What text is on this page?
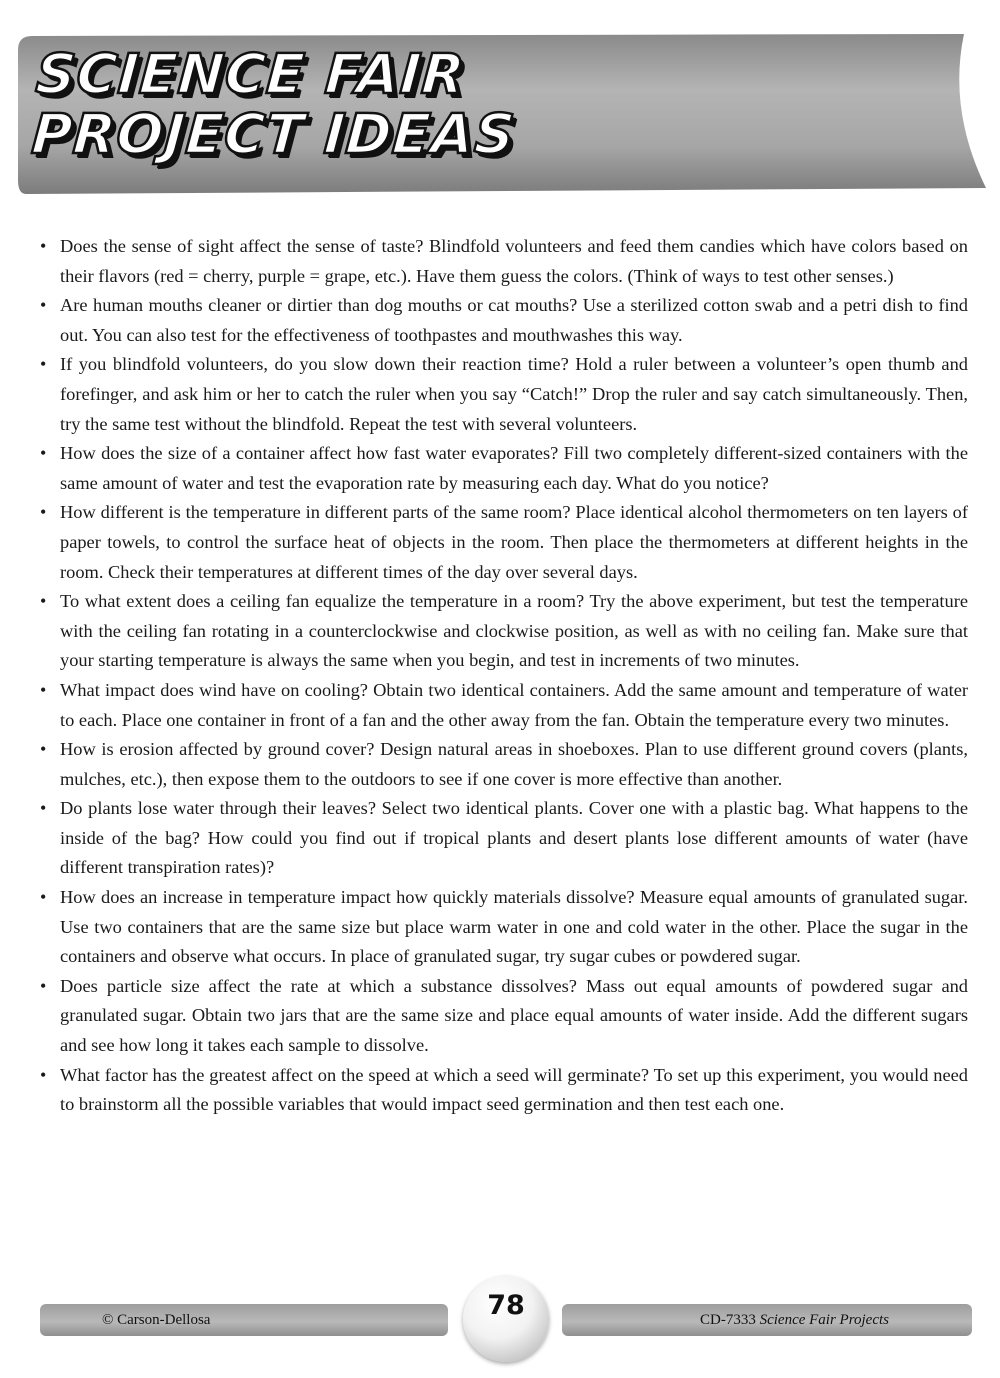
SCIENCE FAIR
PROJECT IDEAS
• Does the sense of sight affect the sense of taste? Blindfold volunteers and feed them candies which have colors based on their flavors (red = cherry, purple = grape, etc.). Have them guess the colors. (Think of ways to test other senses.)
• Are human mouths cleaner or dirtier than dog mouths or cat mouths? Use a sterilized cotton swab and a petri dish to find out. You can also test for the effectiveness of toothpastes and mouthwashes this way.
• If you blindfold volunteers, do you slow down their reaction time? Hold a ruler between a volunteer’s open thumb and forefinger, and ask him or her to catch the ruler when you say “Catch!” Drop the ruler and say catch simultaneously. Then, try the same test without the blindfold. Repeat the test with several volunteers.
• How does the size of a container affect how fast water evaporates? Fill two completely different-sized containers with the same amount of water and test the evaporation rate by measuring each day. What do you notice?
• How different is the temperature in different parts of the same room? Place identical alcohol thermometers on ten layers of paper towels, to control the surface heat of objects in the room. Then place the thermometers at different heights in the room. Check their temperatures at different times of the day over several days.
• To what extent does a ceiling fan equalize the temperature in a room? Try the above experiment, but test the temperature with the ceiling fan rotating in a counterclockwise and clockwise position, as well as with no ceiling fan. Make sure that your starting temperature is always the same when you begin, and test in increments of two minutes.
• What impact does wind have on cooling? Obtain two identical containers. Add the same amount and temperature of water to each. Place one container in front of a fan and the other away from the fan. Obtain the temperature every two minutes.
• How is erosion affected by ground cover? Design natural areas in shoeboxes. Plan to use different ground covers (plants, mulches, etc.), then expose them to the outdoors to see if one cover is more effective than another.
• Do plants lose water through their leaves? Select two identical plants. Cover one with a plastic bag. What happens to the inside of the bag? How could you find out if tropical plants and desert plants lose different amounts of water (have different transpiration rates)?
• How does an increase in temperature impact how quickly materials dissolve? Measure equal amounts of granulated sugar. Use two containers that are the same size but place warm water in one and cold water in the other. Place the sugar in the containers and observe what occurs. In place of granulated sugar, try sugar cubes or powdered sugar.
• Does particle size affect the rate at which a substance dissolves? Mass out equal amounts of powdered sugar and granulated sugar. Obtain two jars that are the same size and place equal amounts of water inside. Add the different sugars and see how long it takes each sample to dissolve.
• What factor has the greatest affect on the speed at which a seed will germinate? To set up this experiment, you would need to brainstorm all the possible variables that would impact seed germination and then test each one.
© Carson-Dellosa	78	CD-7333 Science Fair Projects
